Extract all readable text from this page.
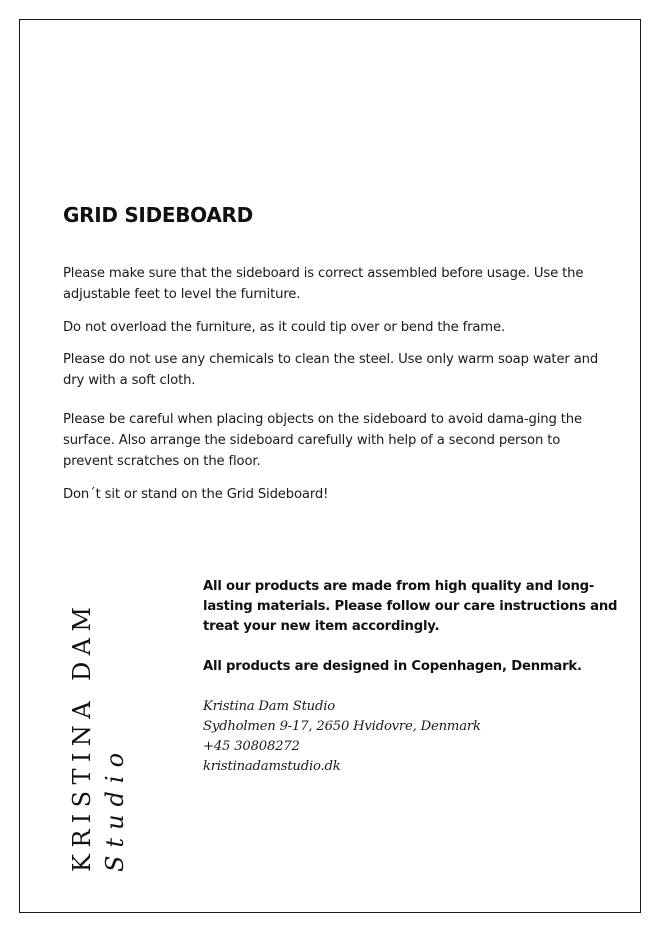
GRID SIDEBOARD

Please make sure that the sideboard is correct assembled before usage. Use the adjustable feet to level the furniture.

Do not overload the furniture, as it could tip over or bend the frame.

Please do not use any chemicals to clean the steel. Use only warm soap water and dry with a soft cloth.

Please be careful when placing objects on the sideboard to avoid dama-ging the surface. Also arrange the sideboard carefully with help of a second person to prevent scratches on the floor.

Don´t sit or stand on the Grid Sideboard!

KRISTINA DAM Studio

All our products are made from high quality and long-lasting materials. Please follow our care instructions and treat your new item accordingly.

All products are designed in Copenhagen, Denmark.

Kristina Dam Studio
Sydholmen 9-17, 2650 Hvidovre, Denmark
+45 30808272
kristinadamstudio.dk
